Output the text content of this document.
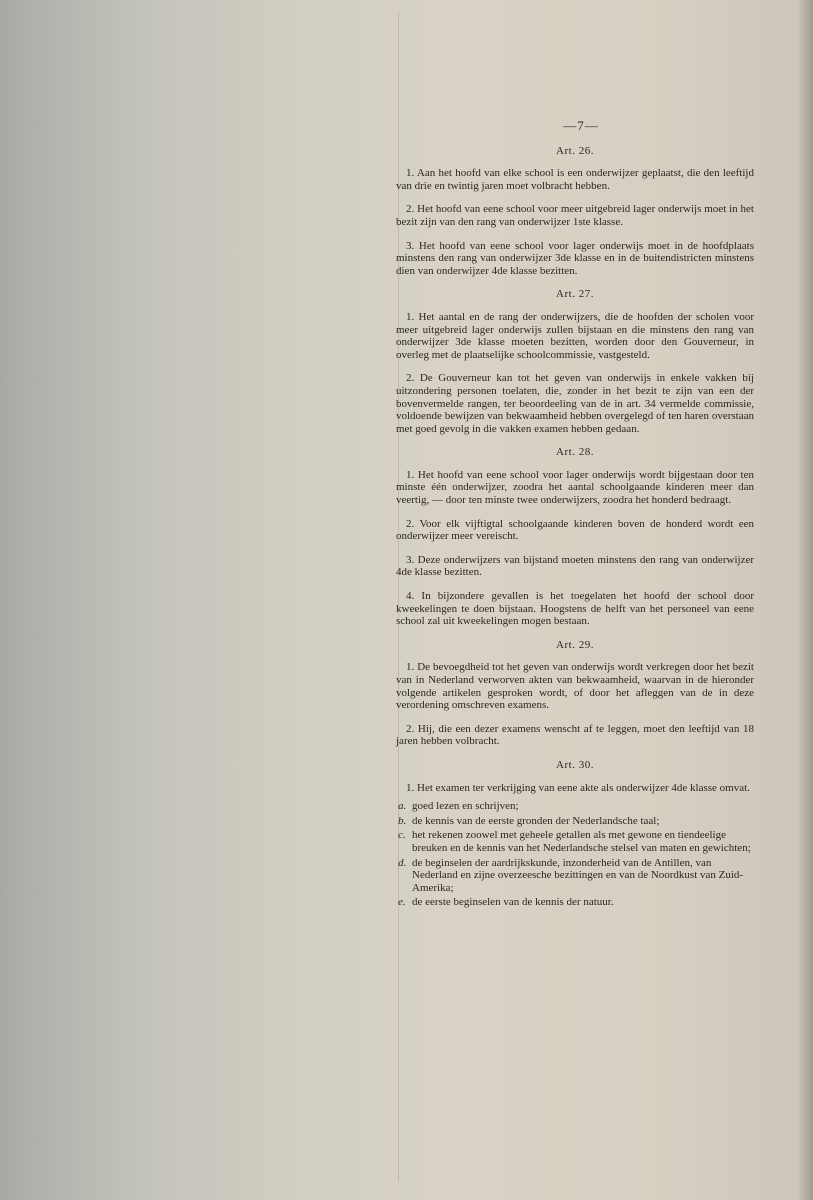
—7—
Art. 26.

1. Aan het hoofd van elke school is een onderwijzer geplaatst, die den leeftijd van drie en twintig jaren moet volbracht hebben.

2. Het hoofd van eene school voor meer uitgebreid lager onderwijs moet in het bezit zijn van den rang van onderwijzer 1ste klasse.

3. Het hoofd van eene school voor lager onderwijs moet in de hoofdplaats minstens den rang van onderwijzer 3de klasse en in de buitendistricten minstens dien van onderwijzer 4de klasse bezitten.

Art. 27.

1. Het aantal en de rang der onderwijzers, die de hoofden der scholen voor meer uitgebreid lager onderwijs zullen bijstaan en die minstens den rang van onderwijzer 3de klasse moeten bezitten, worden door den Gouverneur, in overleg met de plaatselijke schoolcommissie, vastgesteld.

2. De Gouverneur kan tot het geven van onderwijs in enkele vakken bij uitzondering personen toelaten, die, zonder in het bezit te zijn van een der bovenvermelde rangen, ter beoordeeling van de in art. 34 vermelde commissie, voldoende bewijzen van bekwaamheid hebben overgelegd of ten haren overstaan met goed gevolg in die vakken examen hebben gedaan.

Art. 28.

1. Het hoofd van eene school voor lager onderwijs wordt bijgestaan door ten minste één onderwijzer, zoodra het aantal schoolgaande kinderen meer dan veertig, — door ten minste twee onderwijzers, zoodra het honderd bedraagt.

2. Voor elk vijftigtal schoolgaande kinderen boven de honderd wordt een onderwijzer meer vereischt.

3. Deze onderwijzers van bijstand moeten minstens den rang van onderwijzer 4de klasse bezitten.

4. In bijzondere gevallen is het toegelaten het hoofd der school door kweekelingen te doen bijstaan. Hoogstens de helft van het personeel van eene school zal uit kweekelingen mogen bestaan.

Art. 29.

1. De bevoegdheid tot het geven van onderwijs wordt verkregen door het bezit van in Nederland verworven akten van bekwaamheid, waarvan in de hieronder volgende artikelen gesproken wordt, of door het afleggen van de in deze verordening omschreven examens.

2. Hij, die een dezer examens wenscht af te leggen, moet den leeftijd van 18 jaren hebben volbracht.

Art. 30.

1. Het examen ter verkrijging van eene akte als onderwijzer 4de klasse omvat.

a. goed lezen en schrijven;
b. de kennis van de eerste gronden der Nederlandsche taal;
c. het rekenen zoowel met geheele getallen als met gewone en tiendeelige breuken en de kennis van het Nederlandsche stelsel van maten en gewichten;
d. de beginselen der aardrijkskunde, inzonderheid van de Antillen, van Nederland en zijne overzeesche bezittingen en van de Noordkust van Zuid-Amerika;
e. de eerste beginselen van de kennis der natuur.
